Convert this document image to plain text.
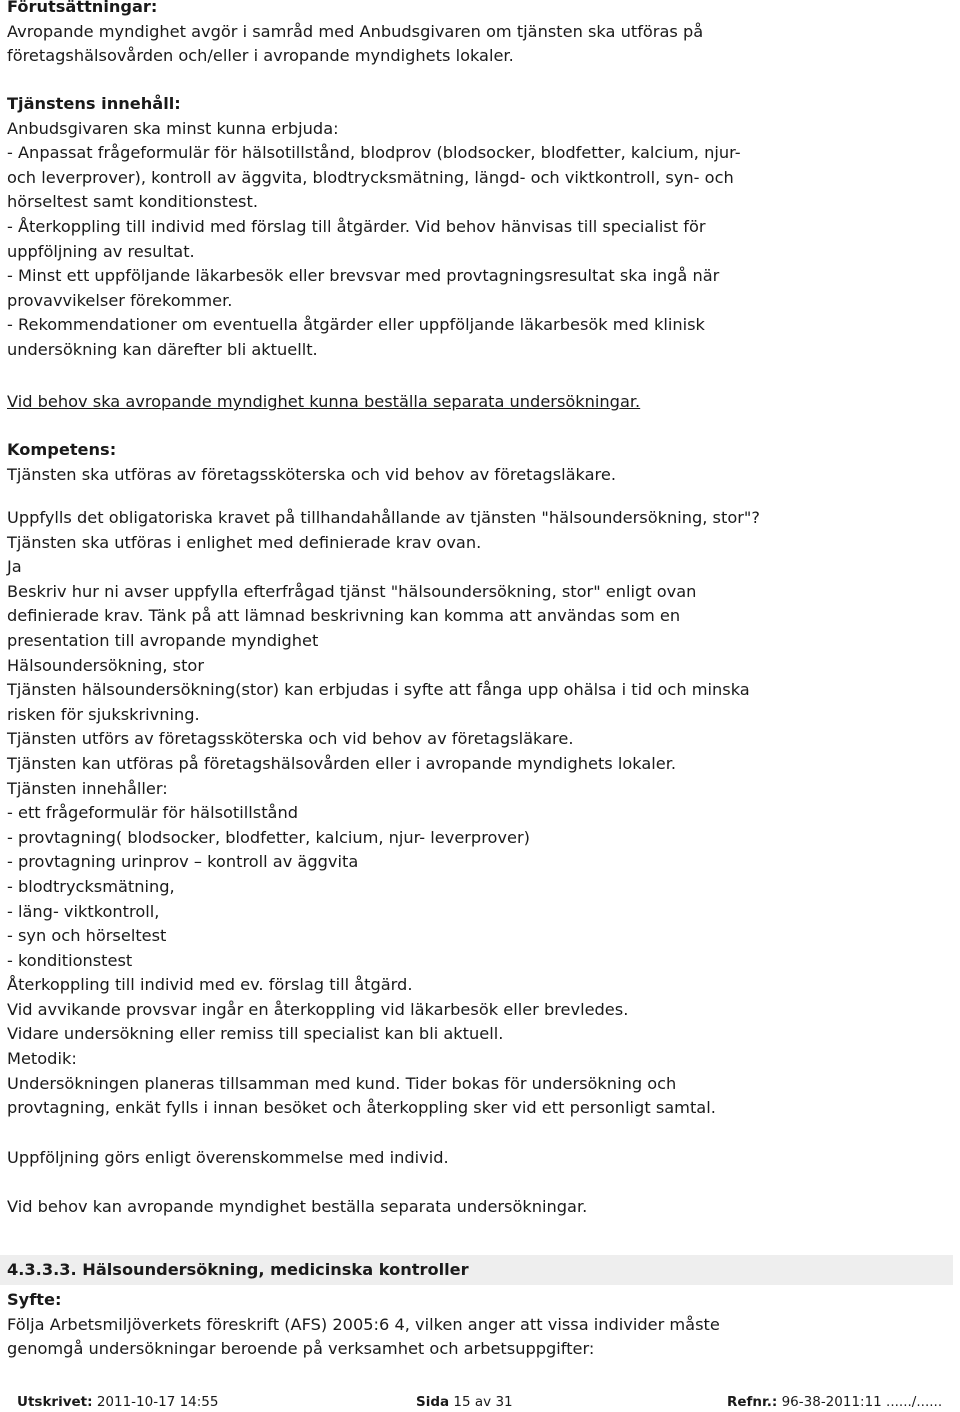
Förutsättningar:
Avropande myndighet avgör i samråd med Anbudsgivaren om tjänsten ska utföras på
företagshälsovården och/eller i avropande myndighets lokaler.
Tjänstens innehåll:
Anbudsgivaren ska minst kunna erbjuda:
- Anpassat frågeformulär för hälsotillstånd, blodprov (blodsocker, blodfetter, kalcium, njur-
och leverprover), kontroll av äggvita, blodtrycksmätning, längd- och viktkontroll, syn- och
hörseltest samt konditionstest.
- Återkoppling till individ med förslag till åtgärder. Vid behov hänvisas till specialist för
uppföljning av resultat.
- Minst ett uppföljande läkarbesök eller brevsvar med provtagningsresultat ska ingå när
provavvikelser förekommer.
- Rekommendationer om eventuella åtgärder eller uppföljande läkarbesök med klinisk
undersökning kan därefter bli aktuellt.
Vid behov ska avropande myndighet kunna beställa separata undersökningar.
Kompetens:
Tjänsten ska utföras av företagssköterska och vid behov av företagsläkare.
Uppfylls det obligatoriska kravet på tillhandahållande av tjänsten "hälsoundersökning, stor"?
Tjänsten ska utföras i enlighet med definierade krav ovan.
Ja
Beskriv hur ni avser uppfylla efterfrågad tjänst "hälsoundersökning, stor" enligt ovan
definierade krav. Tänk på att lämnad beskrivning kan komma att användas som en
presentation till avropande myndighet
Hälsoundersökning, stor
Tjänsten hälsoundersökning(stor) kan erbjudas i syfte att fånga upp ohälsa i tid och minska
risken för sjukskrivning.
Tjänsten utförs av företagssköterska och vid behov av företagsläkare.
Tjänsten kan utföras på företagshälsovården eller i avropande myndighets lokaler.
Tjänsten innehåller:
- ett frågeformulär för hälsotillstånd
- provtagning( blodsocker, blodfetter, kalcium, njur- leverprover)
- provtagning urinprov – kontroll av äggvita
- blodtrycksmätning,
- läng- viktkontroll,
- syn och hörseltest
- konditionstest
Återkoppling till individ med ev. förslag till åtgärd.
Vid avvikande provsvar ingår en återkoppling vid läkarbesök eller brevledes.
Vidare undersökning eller remiss till specialist kan bli aktuell.
Metodik:
Undersökningen planeras tillsamman med kund. Tider bokas för undersökning och
provtagning, enkät fylls i innan besöket och återkoppling sker vid ett personligt samtal.
Uppföljning görs enligt överenskommelse med individ.
Vid behov kan avropande myndighet beställa separata undersökningar.
Syfte:
Följa Arbetsmiljöverkets föreskrift (AFS) 2005:6 4, vilken anger att vissa individer måste
genomgå undersökningar beroende på verksamhet och arbetsuppgifter:
4.3.3.3. Hälsoundersökning, medicinska kontroller
Utskrivet: 2011-10-17 14:55	Sida 15 av 31	Refnr.: 96-38-2011:11 ....../......
